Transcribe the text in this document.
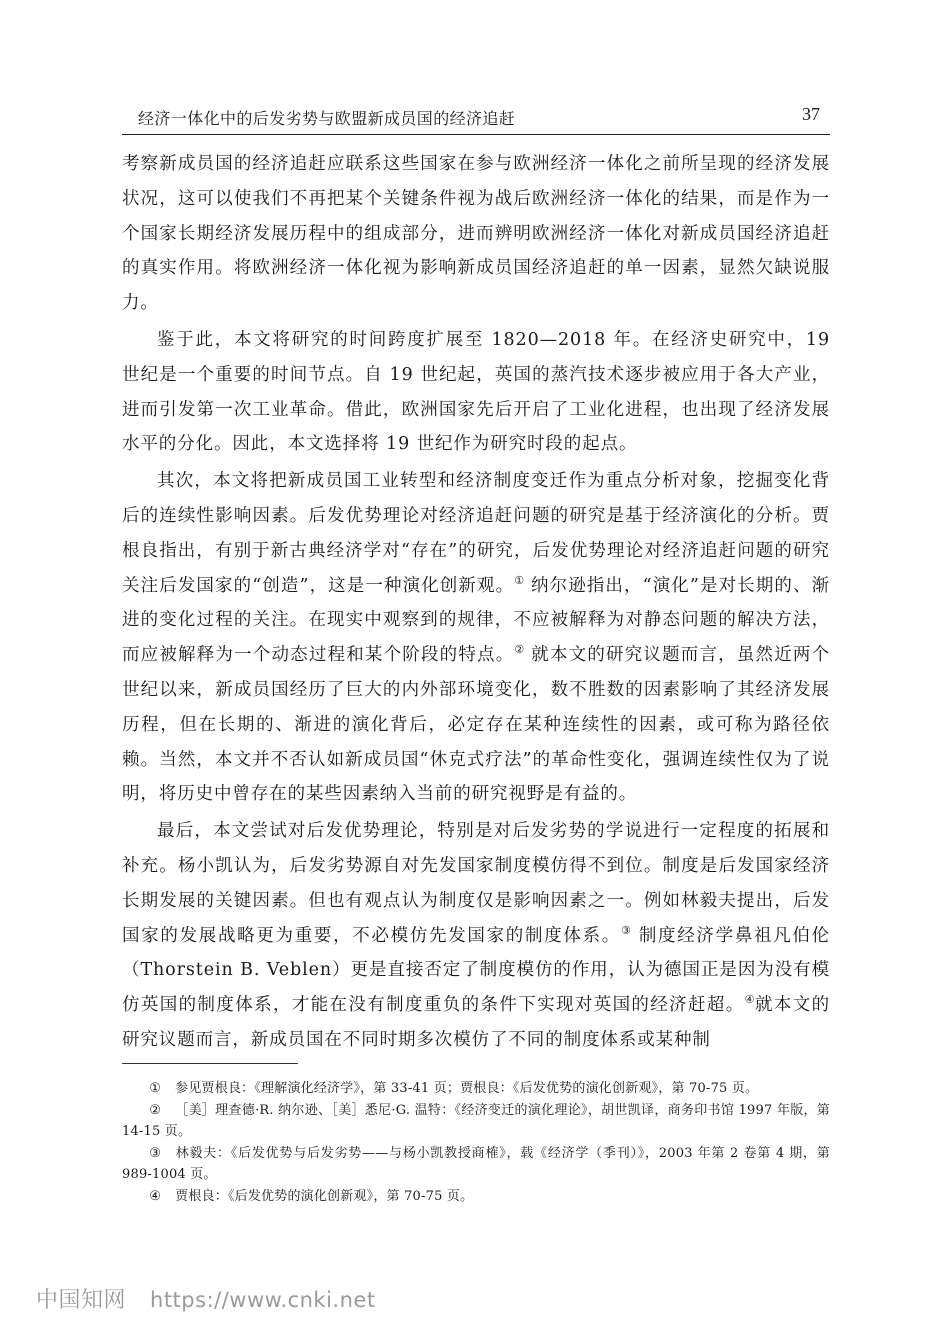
经济一体化中的后发劣势与欧盟新成员国的经济追赶	37

考察新成员国的经济追赶应联系这些国家在参与欧洲经济一体化之前所呈现的经济发展状况，这可以使我们不再把某个关键条件视为战后欧洲经济一体化的结果，而是作为一个国家长期经济发展历程中的组成部分，进而辨明欧洲经济一体化对新成员国经济追赶的真实作用。将欧洲经济一体化视为影响新成员国经济追赶的单一因素，显然欠缺说服力。

鉴于此，本文将研究的时间跨度扩展至 1820—2018 年。在经济史研究中，19 世纪是一个重要的时间节点。自 19 世纪起，英国的蒸汽技术逐步被应用于各大产业，进而引发第一次工业革命。借此，欧洲国家先后开启了工业化进程，也出现了经济发展水平的分化。因此，本文选择将 19 世纪作为研究时段的起点。

其次，本文将把新成员国工业转型和经济制度变迁作为重点分析对象，挖掘变化背后的连续性影响因素。后发优势理论对经济追赶问题的研究是基于经济演化的分析。贾根良指出，有别于新古典经济学对“存在”的研究，后发优势理论对经济追赶问题的研究关注后发国家的“创造”，这是一种演化创新观。① 纳尔逊指出，“演化”是对长期的、渐进的变化过程的关注。在现实中观察到的规律，不应被解释为对静态问题的解决方法，而应被解释为一个动态过程和某个阶段的特点。② 就本文的研究议题而言，虽然近两个世纪以来，新成员国经历了巨大的内外部环境变化，数不胜数的因素影响了其经济发展历程，但在长期的、渐进的演化背后，必定存在某种连续性的因素，或可称为路径依赖。当然，本文并不否认如新成员国“休克式疗法”的革命性变化，强调连续性仅为了说明，将历史中曾存在的某些因素纳入当前的研究视野是有益的。

最后，本文尝试对后发优势理论，特别是对后发劣势的学说进行一定程度的拓展和补充。杨小凯认为，后发劣势源自对先发国家制度模仿得不到位。制度是后发国家经济长期发展的关键因素。但也有观点认为制度仅是影响因素之一。例如林毅夫提出，后发国家的发展战略更为重要，不必模仿先发国家的制度体系。③ 制度经济学鼻祖凡伯伦（Thorstein B. Veblen）更是直接否定了制度模仿的作用，认为德国正是因为没有模仿英国的制度体系，才能在没有制度重负的条件下实现对英国的经济赶超。④就本文的研究议题而言，新成员国在不同时期多次模仿了不同的制度体系或某种制

① 参见贾根良：《理解演化经济学》，第 33-41 页；贾根良：《后发优势的演化创新观》，第 70-75 页。

② ［美］理查德·R. 纳尔逊、［美］悉尼·G. 温特：《经济变迁的演化理论》，胡世凯译，商务印书馆 1997 年版，第 14-15 页。

③ 林毅夫：《后发优势与后发劣势——与杨小凯教授商榷》，载《经济学（季刊）》，2003 年第 2 卷第 4 期，第 989-1004 页。

④ 贾根良：《后发优势的演化创新观》，第 70-75 页。

中国知网 https://www.cnki.net
